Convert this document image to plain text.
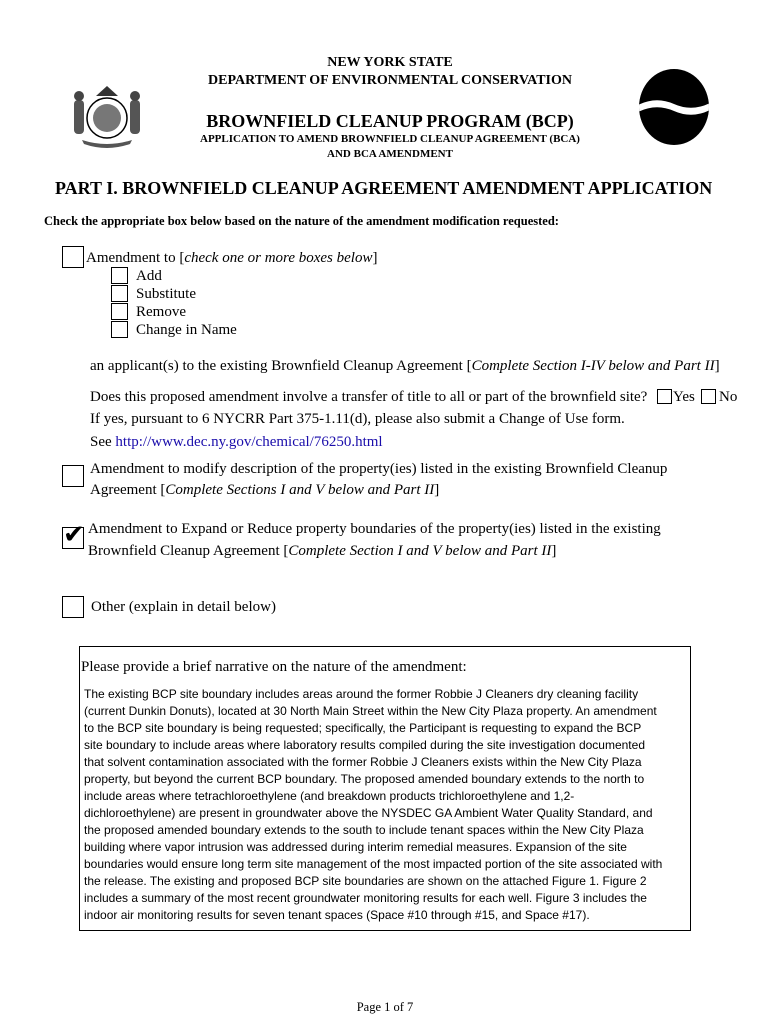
NEW YORK STATE
DEPARTMENT OF ENVIRONMENTAL CONSERVATION
BROWNFIELD CLEANUP PROGRAM (BCP)
APPLICATION TO AMEND BROWNFIELD CLEANUP AGREEMENT (BCA)
AND BCA AMENDMENT
PART I. BROWNFIELD CLEANUP AGREEMENT AMENDMENT APPLICATION
Check the appropriate box below based on the nature of the amendment modification requested:
Amendment to [check one or more boxes below]
Add
Substitute
Remove
Change in Name
an applicant(s) to the existing Brownfield Cleanup Agreement [Complete Section I-IV below and Part II]
Does this proposed amendment involve a transfer of title to all or part of the brownfield site? Yes No
If yes, pursuant to 6 NYCRR Part 375-1.11(d), please also submit a Change of Use form.
See http://www.dec.ny.gov/chemical/76250.html
Amendment to modify description of the property(ies) listed in the existing Brownfield Cleanup
Agreement [Complete Sections I and V below and Part II]
✔ Amendment to Expand or Reduce property boundaries of the property(ies) listed in the existing
Brownfield Cleanup Agreement [Complete Section I and V below and Part II]
Other (explain in detail below)
Please provide a brief narrative on the nature of the amendment:
The existing BCP site boundary includes areas around the former Robbie J Cleaners dry cleaning facility
(current Dunkin Donuts), located at 30 North Main Street within the New City Plaza property. An amendment
to the BCP site boundary is being requested; specifically, the Participant is requesting to expand the BCP
site boundary to include areas where laboratory results compiled during the site investigation documented
that solvent contamination associated with the former Robbie J Cleaners exists within the New City Plaza
property, but beyond the current BCP boundary. The proposed amended boundary extends to the north to
include areas where tetrachloroethylene (and breakdown products trichloroethylene and 1,2-
dichloroethylene) are present in groundwater above the NYSDEC GA Ambient Water Quality Standard, and
the proposed amended boundary extends to the south to include tenant spaces within the New City Plaza
building where vapor intrusion was addressed during interim remedial measures. Expansion of the site
boundaries would ensure long term site management of the most impacted portion of the site associated with
the release. The existing and proposed BCP site boundaries are shown on the attached Figure 1. Figure 2
includes a summary of the most recent groundwater monitoring results for each well. Figure 3 includes the
indoor air monitoring results for seven tenant spaces (Space #10 through #15, and Space #17).
Page 1 of 7
